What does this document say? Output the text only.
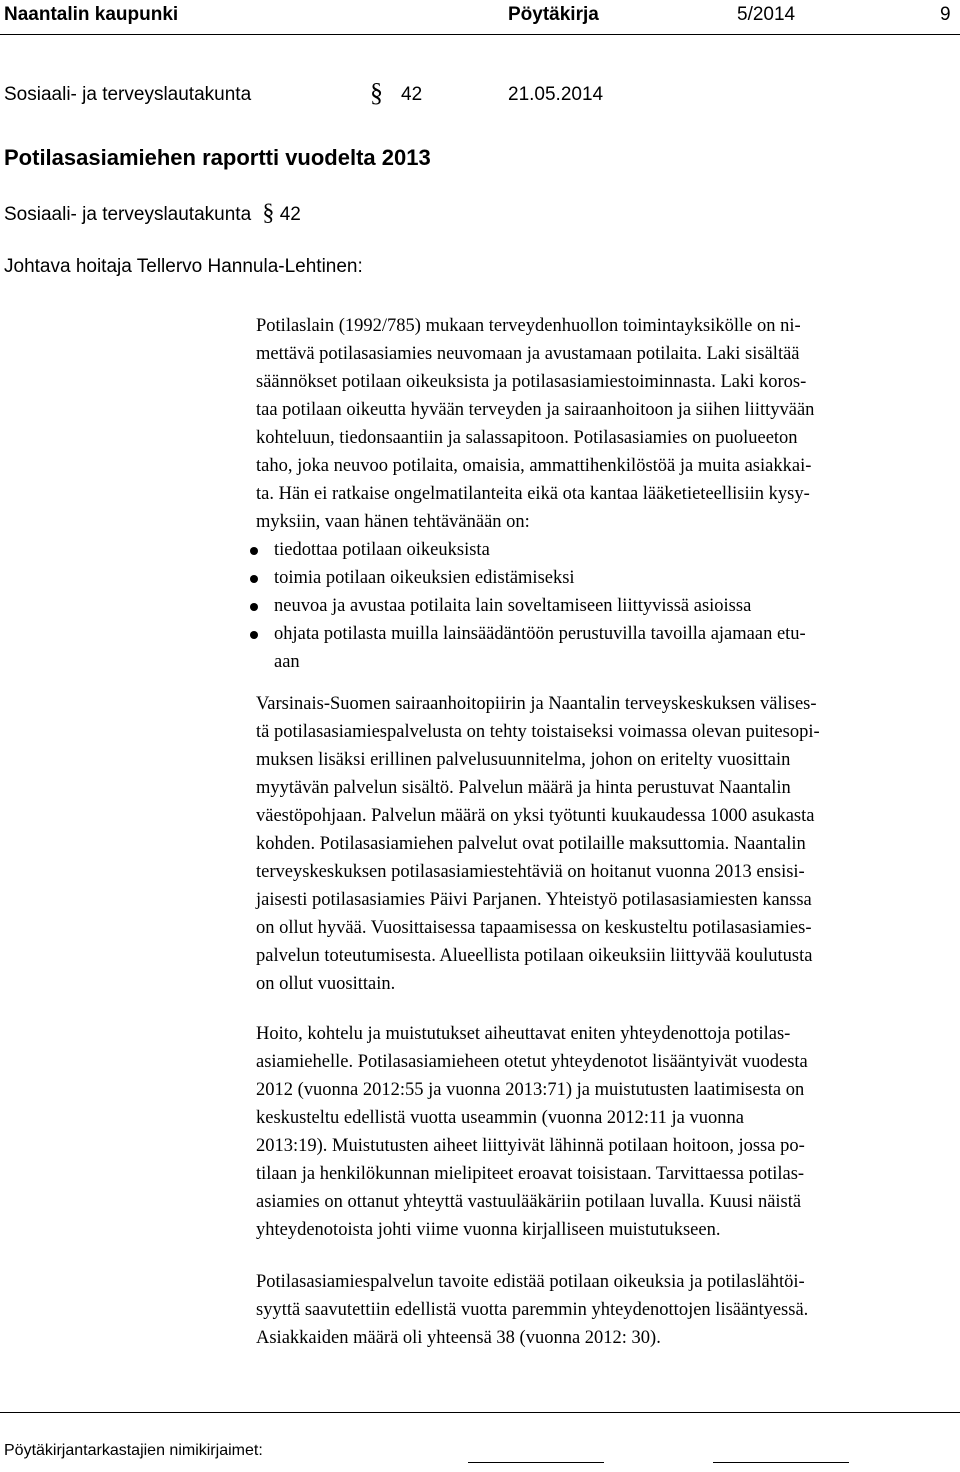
Naantalin kaupunki	Pöytäkirja	5/2014	9
Sosiaali- ja terveyslautakunta	§ 42	21.05.2014
Potilasasiamiehen raportti vuodelta 2013
Sosiaali- ja terveyslautakunta § 42
Johtava hoitaja Tellervo Hannula-Lehtinen:
Potilaslain (1992/785) mukaan terveydenhuollon toimintayksikölle on ni-
mettävä potilasasiamies neuvomaan ja avustamaan potilaita. Laki sisältää
säännökset potilaan oikeuksista ja potilasasiamiestoiminnasta. Laki koros-
taa potilaan oikeutta hyvään terveyden ja sairaanhoitoon ja siihen liittyvään
kohteluun, tiedonsaantiin ja salassapitoon. Potilasasiamies on puolueeton
taho, joka neuvoo potilaita, omaisia, ammattihenkilöstöä ja muita asiakkai-
ta. Hän ei ratkaise ongelmatilanteita eikä ota kantaa lääketieteellisiin kysy-
myksiin, vaan hänen tehtävänään on:
tiedottaa potilaan oikeuksista
toimia potilaan oikeuksien edistämiseksi
neuvoa ja avustaa potilaita lain soveltamiseen liittyvissä asioissa
ohjata potilasta muilla lainsäädäntöön perustuvilla tavoilla ajamaan etu-
aan
Varsinais-Suomen sairaanhoitopiirin ja Naantalin terveyskeskuksen välises-
tä potilasasiamiespalvelusta on tehty toistaiseksi voimassa olevan puitesopi-
muksen lisäksi erillinen palvelusuunnitelma, johon on eritelty vuosittain
myytävän palvelun sisältö. Palvelun määrä ja hinta perustuvat Naantalin
väestöpohjaan. Palvelun määrä on yksi työtunti kuukaudessa 1000 asukasta
kohden. Potilasasiamiehen palvelut ovat potilaille maksuttomia. Naantalin
terveyskeskuksen potilasasiamiestehtäviä on hoitanut vuonna 2013 ensisi-
jaisesti potilasasiamies Päivi Parjanen. Yhteistyö potilasasiamiesten kanssa
on ollut hyvää. Vuosittaisessa tapaamisessa on keskusteltu potilasasiamies-
palvelun toteutumisesta. Alueellista potilaan oikeuksiin liittyvää koulutusta
on ollut vuosittain.
Hoito, kohtelu ja muistutukset aiheuttavat eniten yhteydenottoja potilas-
asiamiehelle. Potilasasiamieheen otetut yhteydenotot lisääntyivät vuodesta
2012 (vuonna 2012:55 ja vuonna 2013:71) ja muistutusten laatimisesta on
keskusteltu edellistä vuotta useammin (vuonna 2012:11 ja vuonna
2013:19). Muistutusten aiheet liittyivät lähinnä potilaan hoitoon, jossa po-
tilaan ja henkilökunnan mielipiteet eroavat toisistaan. Tarvittaessa potilas-
asiamies on ottanut yhteyttä vastuulääkäriin potilaan luvalla. Kuusi näistä
yhteydenotoista johti viime vuonna kirjalliseen muistutukseen.
Potilasasiamiespalvelun tavoite edistää potilaan oikeuksia ja potilaslähtöi-
syyttä saavutettiin edellistä vuotta paremmin yhteydenottojen lisääntyessä.
Asiakkaiden määrä oli yhteensä 38 (vuonna 2012: 30).
Pöytäkirjantarkastajien nimikirjaimet:
